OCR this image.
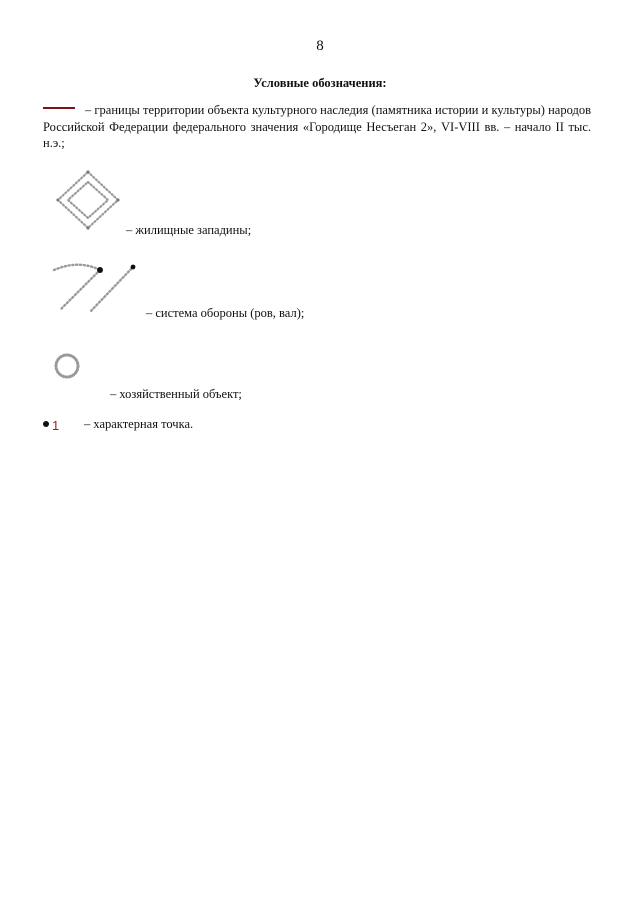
8
Условные обозначения:
– границы территории объекта культурного наследия (памятника истории и культуры) народов Российской Федерации федерального значения «Городище Несъеган 2», VI-VIII вв. – начало II тыс. н.э.;
– жилищные западины;
– система обороны (ров, вал);
– хозяйственный объект;
1 – характерная точка.
